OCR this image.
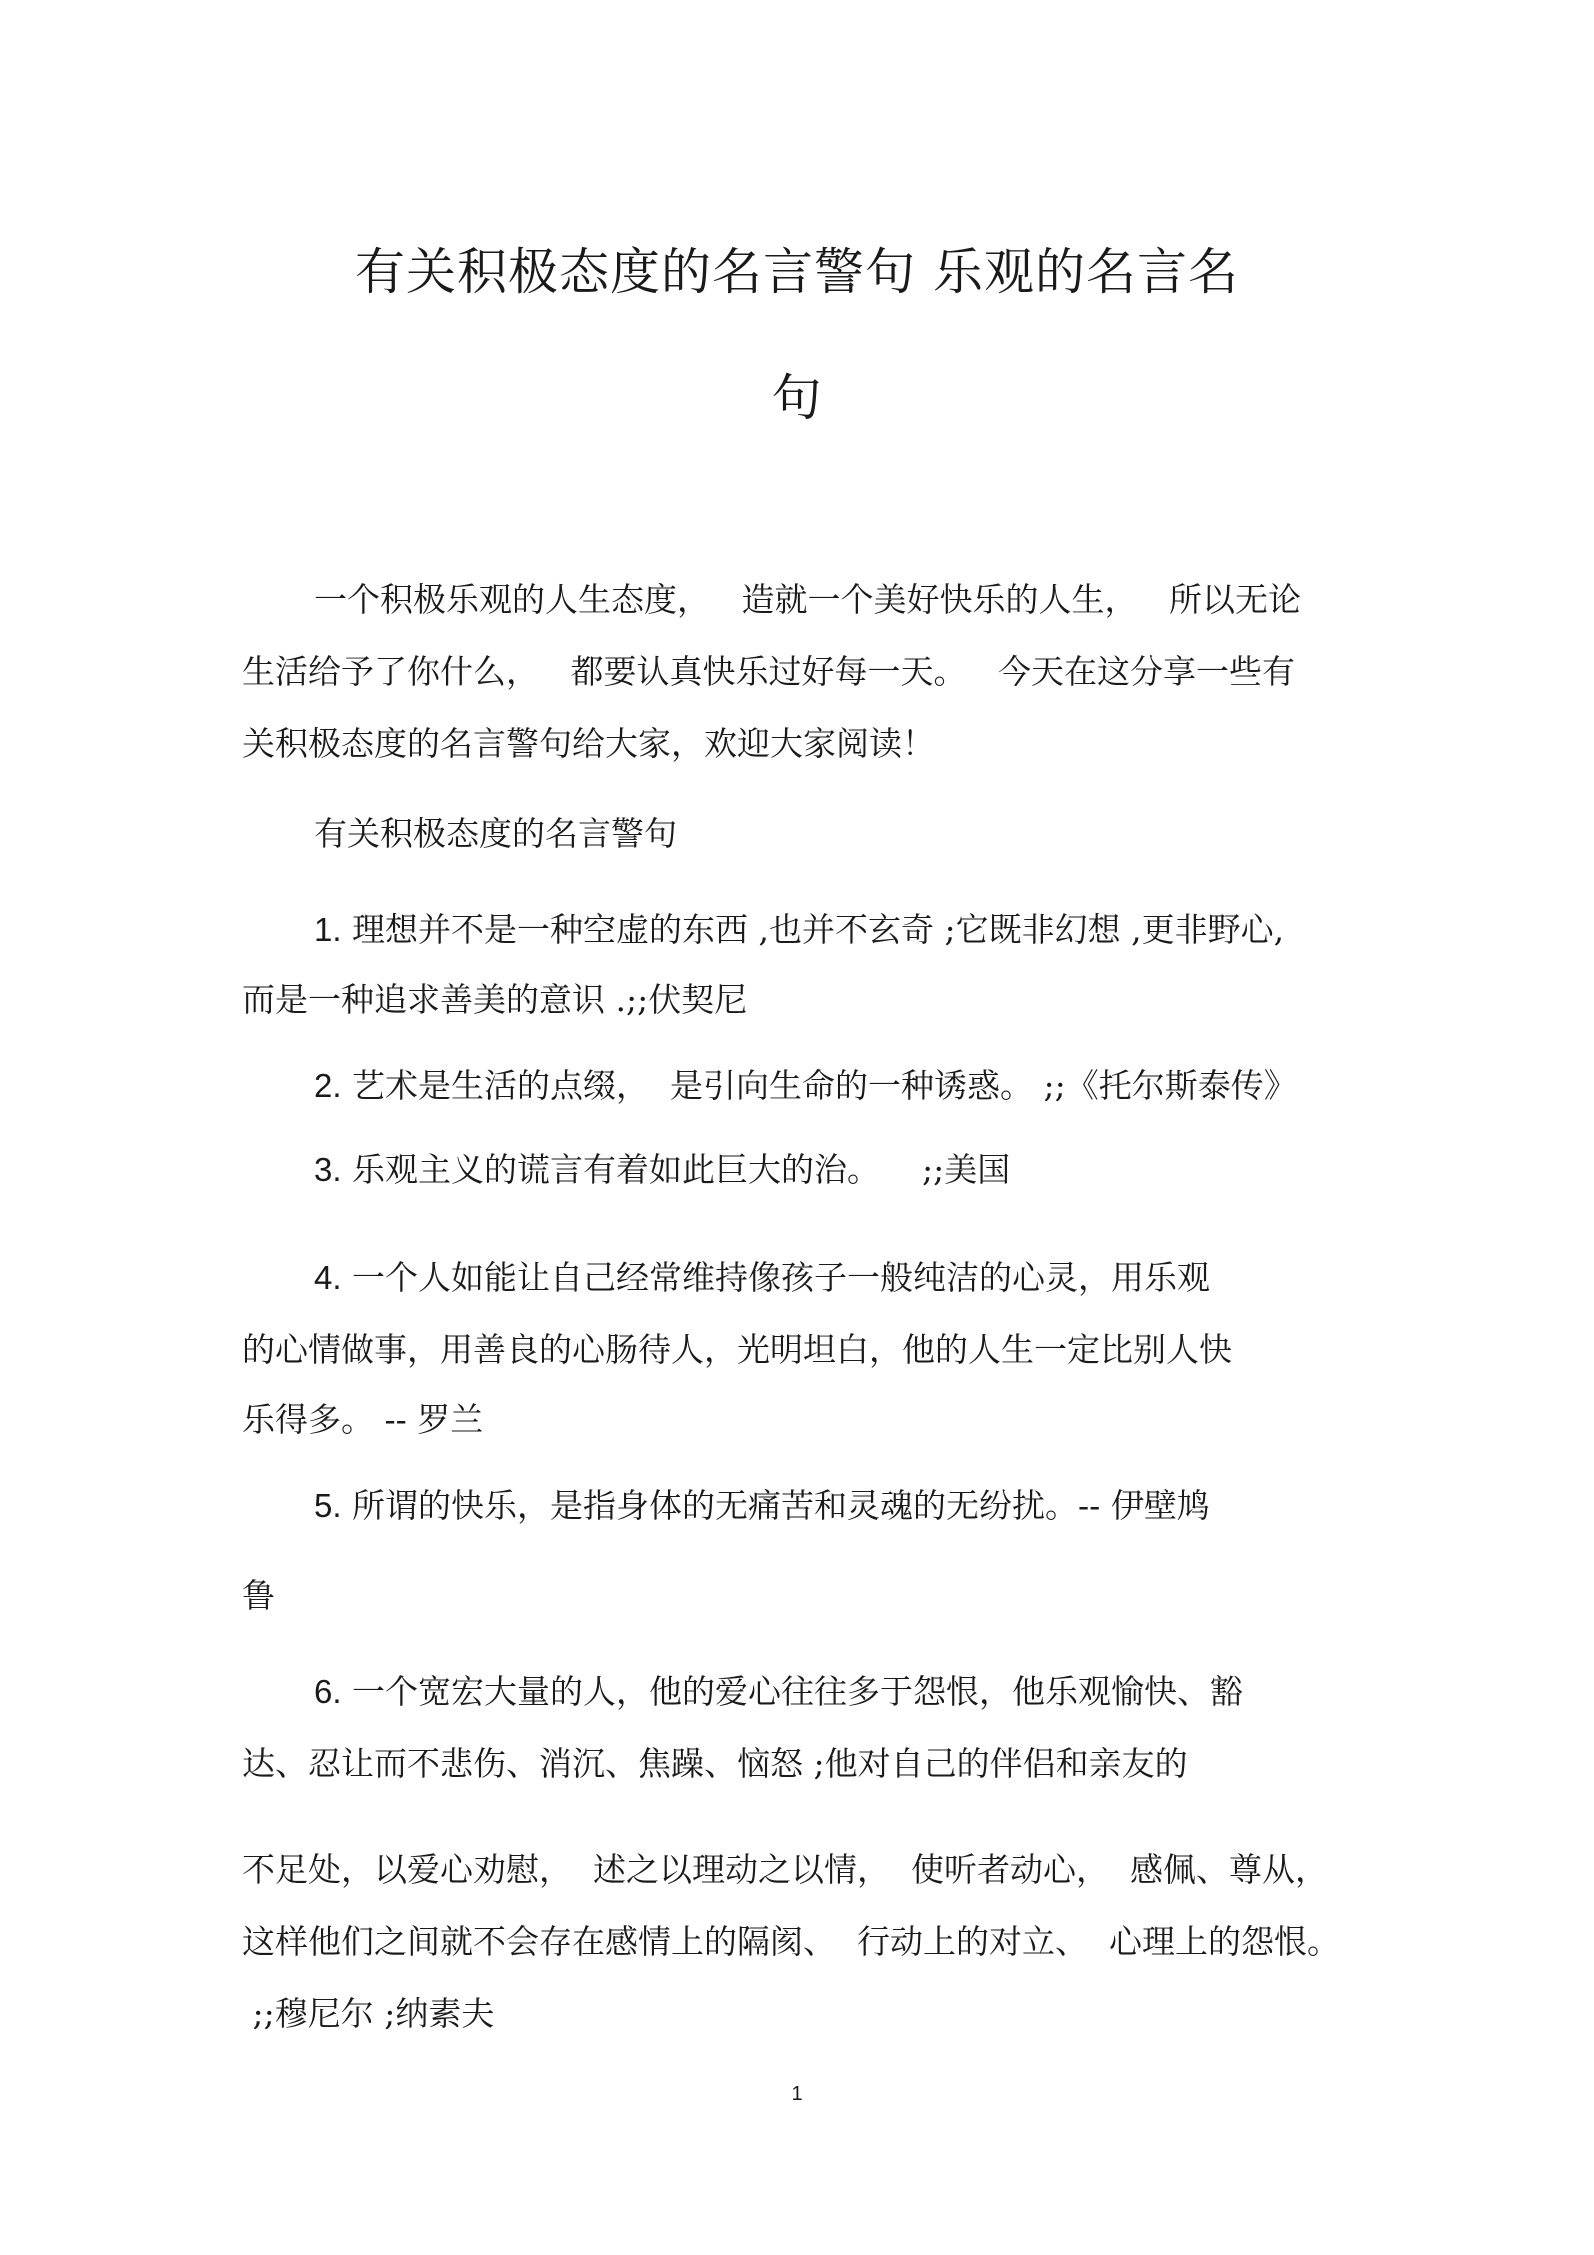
有关积极态度的名言警句 乐观的名言名
句

一个积极乐观的人生态度，   造就一个美好快乐的人生，   所以无论

生活给予了你什么，   都要认真快乐过好每一天。   今天在这分享一些有

关积极态度的名言警句给大家，欢迎大家阅读！

有关积极态度的名言警句

1. 理想并不是一种空虚的东西 ,也并不玄奇 ;它既非幻想 ,更非野心,

而是一种追求善美的意识 .;;伏契尼

2. 艺术是生活的点缀，  是引向生命的一种诱惑。 ;;《托尔斯泰传》

3. 乐观主义的谎言有着如此巨大的治。    ;;美国

4. 一个人如能让自己经常维持像孩子一般纯洁的心灵，用乐观

的心情做事，用善良的心肠待人，光明坦白，他的人生一定比别人快

乐得多。 -- 罗兰

5. 所谓的快乐，是指身体的无痛苦和灵魂的无纷扰。-- 伊壁鸠

鲁

6. 一个宽宏大量的人，他的爱心往往多于怨恨，他乐观愉快、豁

达、忍让而不悲伤、消沉、焦躁、恼怒 ;他对自己的伴侣和亲友的

不足处，以爱心劝慰，  述之以理动之以情，  使听者动心，  感佩、尊从，

这样他们之间就不会存在感情上的隔阂、  行动上的对立、  心理上的怨恨。

;;穆尼尔 ;纳素夫

1
